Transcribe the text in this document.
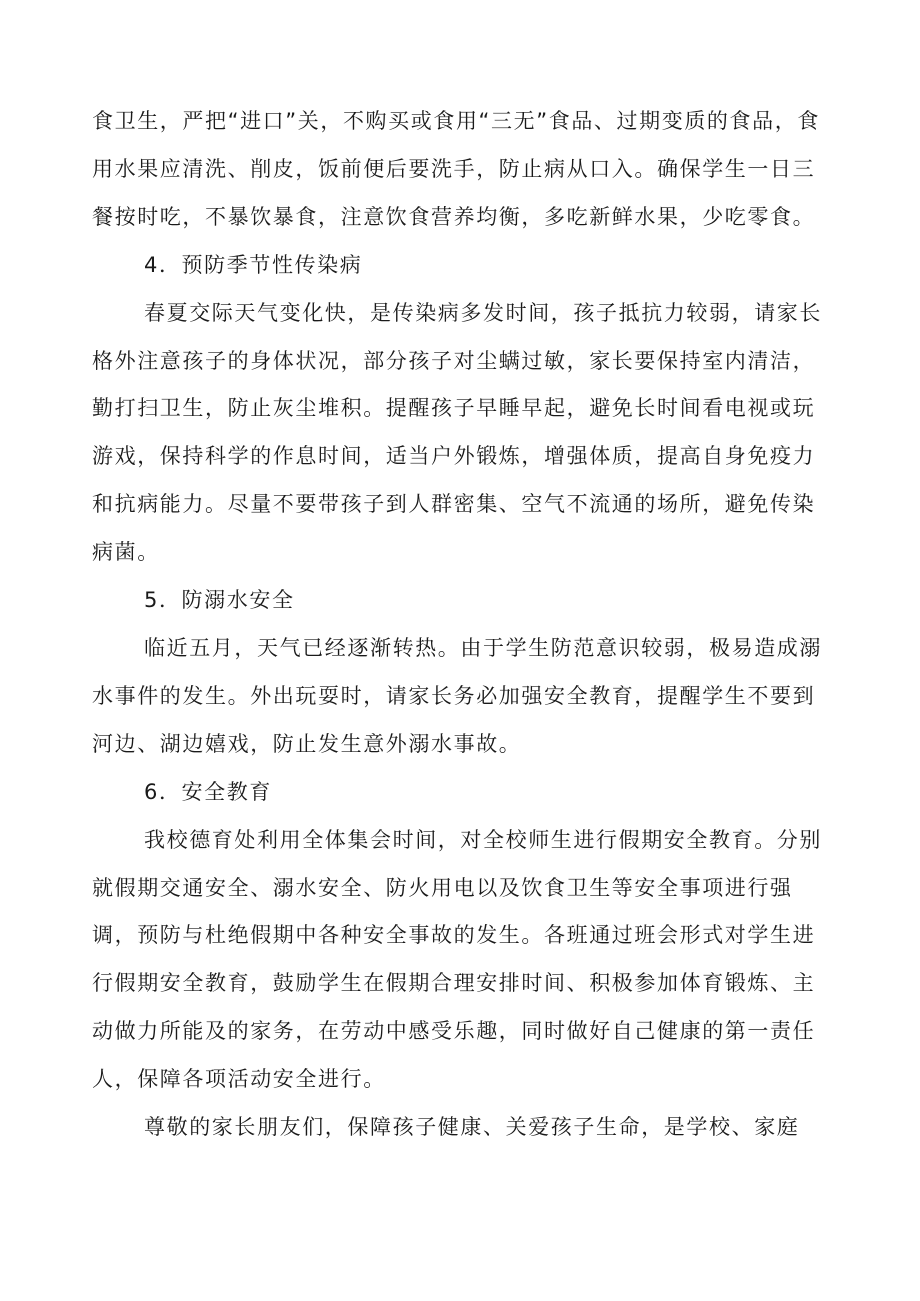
食卫生，严把“进口”关，不购买或食用“三无”食品、过期变质的食品，食用水果应清洗、削皮，饭前便后要洗手，防止病从口入。确保学生一日三餐按时吃，不暴饮暴食，注意饮食营养均衡，多吃新鲜水果，少吃零食。

4．预防季节性传染病

春夏交际天气变化快，是传染病多发时间，孩子抵抗力较弱，请家长格外注意孩子的身体状况，部分孩子对尘螨过敏，家长要保持室内清洁，勤打扫卫生，防止灰尘堆积。提醒孩子早睡早起，避免长时间看电视或玩游戏，保持科学的作息时间，适当户外锻炼，增强体质，提高自身免疫力和抗病能力。尽量不要带孩子到人群密集、空气不流通的场所，避免传染病菌。

5．防溺水安全

临近五月，天气已经逐渐转热。由于学生防范意识较弱，极易造成溺水事件的发生。外出玩耍时，请家长务必加强安全教育，提醒学生不要到河边、湖边嬉戏，防止发生意外溺水事故。

6．安全教育

我校德育处利用全体集会时间，对全校师生进行假期安全教育。分别就假期交通安全、溺水安全、防火用电以及饮食卫生等安全事项进行强调，预防与杜绝假期中各种安全事故的发生。各班通过班会形式对学生进行假期安全教育，鼓励学生在假期合理安排时间、积极参加体育锻炼、主动做力所能及的家务，在劳动中感受乐趣，同时做好自己健康的第一责任人，保障各项活动安全进行。

尊敬的家长朋友们，保障孩子健康、关爱孩子生命，是学校、家庭
